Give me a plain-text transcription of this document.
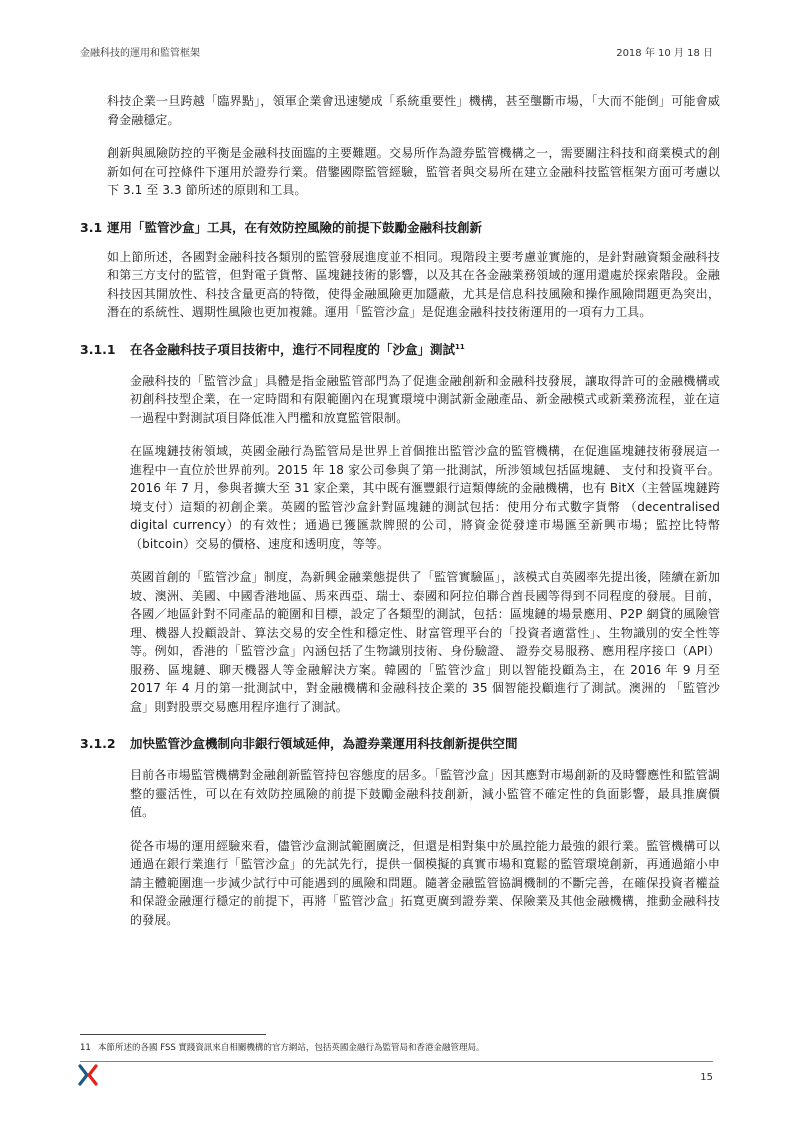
金融科技的運用和監管框架	2018 年 10 月 18 日

科技企業一旦跨越「臨界點」，領軍企業會迅速變成「系統重要性」機構，甚至壟斷市場，「大而不能倒」可能會威脅金融穩定。

創新與風險防控的平衡是金融科技面臨的主要難題。交易所作為證券監管機構之一，需要關注科技和商業模式的創新如何在可控條件下運用於證券行業。借鑒國際監管經驗，監管者與交易所在建立金融科技監管框架方面可考慮以下 3.1 至 3.3 節所述的原則和工具。

3.1 運用「監管沙盒」工具，在有效防控風險的前提下鼓勵金融科技創新

如上節所述，各國對金融科技各類別的監管發展進度並不相同。現階段主要考慮並實施的，是針對融資類金融科技和第三方支付的監管，但對電子貨幣、區塊鏈技術的影響，以及其在各金融業務領域的運用還處於探索階段。金融科技因其開放性、科技含量更高的特徵，使得金融風險更加隱蔽，尤其是信息科技風險和操作風險問題更為突出，潛在的系統性、週期性風險也更加複雜。運用「監管沙盒」是促進金融科技技術運用的一項有力工具。

3.1.1 在各金融科技子項目技術中，進行不同程度的「沙盒」測試$^{11}$

金融科技的「監管沙盒」具體是指金融監管部門為了促進金融創新和金融科技發展，讓取得許可的金融機構或初創科技型企業，在一定時間和有限範圍內在現實環境中測試新金融產品、新金融模式或新業務流程，並在這一過程中對測試項目降低准入門檻和放寬監管限制。

在區塊鏈技術領域，英國金融行為監管局是世界上首個推出監管沙盒的監管機構，在促進區塊鏈技術發展這一進程中一直位於世界前列。2015 年 18 家公司參與了第一批測試，所涉領域包括區塊鏈、 支付和投資平台。2016 年 7 月，參與者擴大至 31 家企業，其中既有滙豐銀行這類傳統的金融機構，也有 BitX（主營區塊鏈跨境支付）這類的初創企業。英國的監管沙盒針對區塊鏈的測試包括：使用分布式數字貨幣 （decentralised digital currency）的有效性；通過已獲匯款牌照的公司，將資金從發達市場匯至新興市場；監控比特幣（bitcoin）交易的價格、速度和透明度，等等。

英國首創的「監管沙盒」制度，為新興金融業態提供了「監管實驗區」，該模式自英國率先提出後，陸續在新加坡、澳洲、美國、中國香港地區、馬來西亞、瑞士、泰國和阿拉伯聯合酋長國等得到不同程度的發展。目前，各國／地區針對不同產品的範圍和目標，設定了各類型的測試，包括：區塊鏈的場景應用、P2P 網貸的風險管理、機器人投顧設計、算法交易的安全性和穩定性、財富管理平台的「投資者適當性」、生物識別的安全性等等。例如，香港的「監管沙盒」內涵包括了生物識別技術、身份驗證、 證券交易服務、應用程序接口（API）服務、區塊鏈、聊天機器人等金融解決方案。韓國的「監管沙盒」則以智能投顧為主，在 2016 年 9 月至 2017 年 4 月的第一批測試中，對金融機構和金融科技企業的 35 個智能投顧進行了測試。澳洲的 「監管沙盒」則對股票交易應用程序進行了測試。

3.1.2 加快監管沙盒機制向非銀行領域延伸，為證券業運用科技創新提供空間

目前各市場監管機構對金融創新監管持包容態度的居多。「監管沙盒」因其應對市場創新的及時響應性和監管調整的靈活性，可以在有效防控風險的前提下鼓勵金融科技創新，減小監管不確定性的負面影響，最具推廣價值。

從各市場的運用經驗來看，儘管沙盒測試範圍廣泛，但還是相對集中於風控能力最強的銀行業。監管機構可以通過在銀行業進行「監管沙盒」的先試先行，提供一個模擬的真實市場和寬鬆的監管環境創新，再通過縮小申請主體範圍進一步減少試行中可能遇到的風險和問題。隨著金融監管協調機制的不斷完善，在確保投資者權益和保證金融運行穩定的前提下，再將「監管沙盒」拓寬更廣到證券業、保險業及其他金融機構，推動金融科技的發展。

11 本節所述的各國 FSS 實踐資訊來自相關機構的官方網站，包括英國金融行為監管局和香港金融管理局。
15
